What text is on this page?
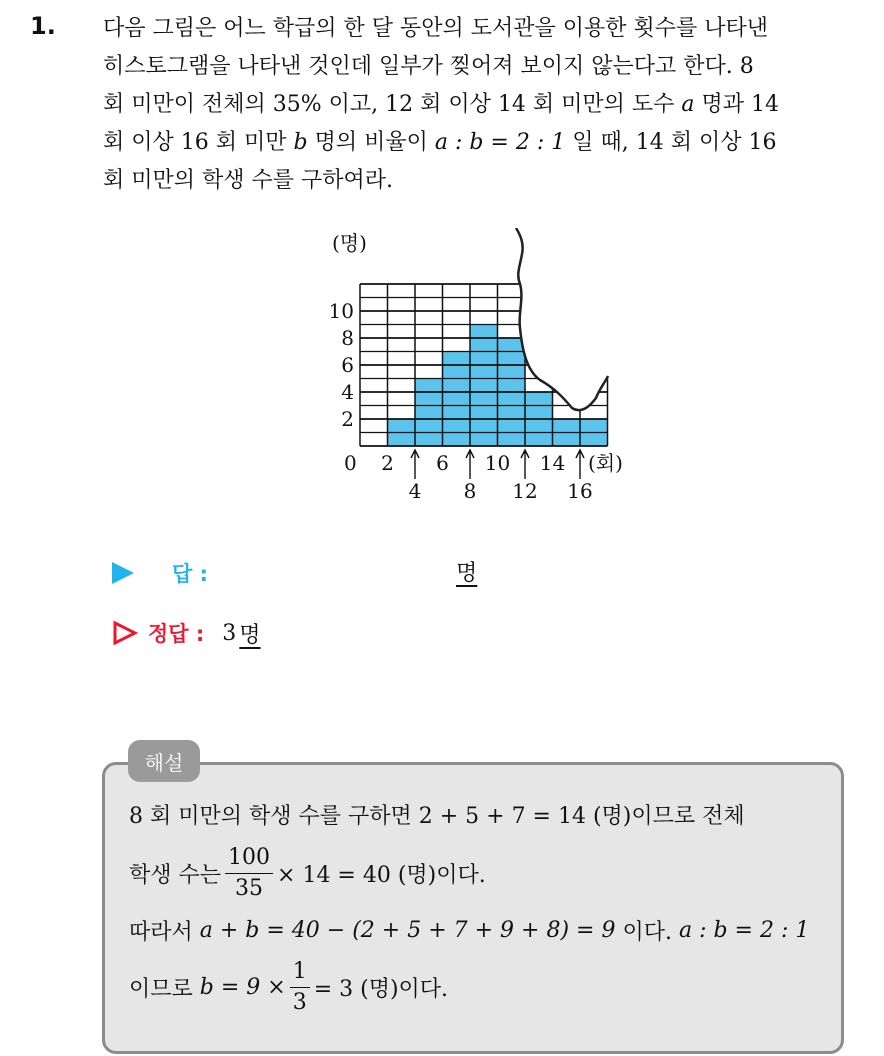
1. 다음 그림은 어느 학급의 한 달 동안의 도서관을 이용한 횟수를 나타낸
히스토그램을 나타낸 것인데 일부가 찢어져 보이지 않는다고 한다. 8
회 미만이 전체의 35% 이고, 12 회 이상 14 회 미만의 도수 a 명과 14
회 이상 16 회 미만 b 명의 비율이 a : b = 2 : 1 일 때, 14 회 이상 16
회 미만의 학생 수를 구하여라.
2
4
6
8
10
2 6 10 14
4 8 12 16
(명)
(회)
0
답 :	명
정답 : 3 명
해설
8 회 미만의 학생 수를 구하면 2 + 5 + 7 = 14 (명)이므로 전체
학생 수는 $\frac{100}{35} \times 14 = 40$ (명)이다.
따라서
a + b = 40 − (2 + 5 + 7 + 9 + 8) = 9
이다.
a : b = 2 : 1
이므로
$b = 9 \times \frac{1}{3} = 3$ (명)이다.
